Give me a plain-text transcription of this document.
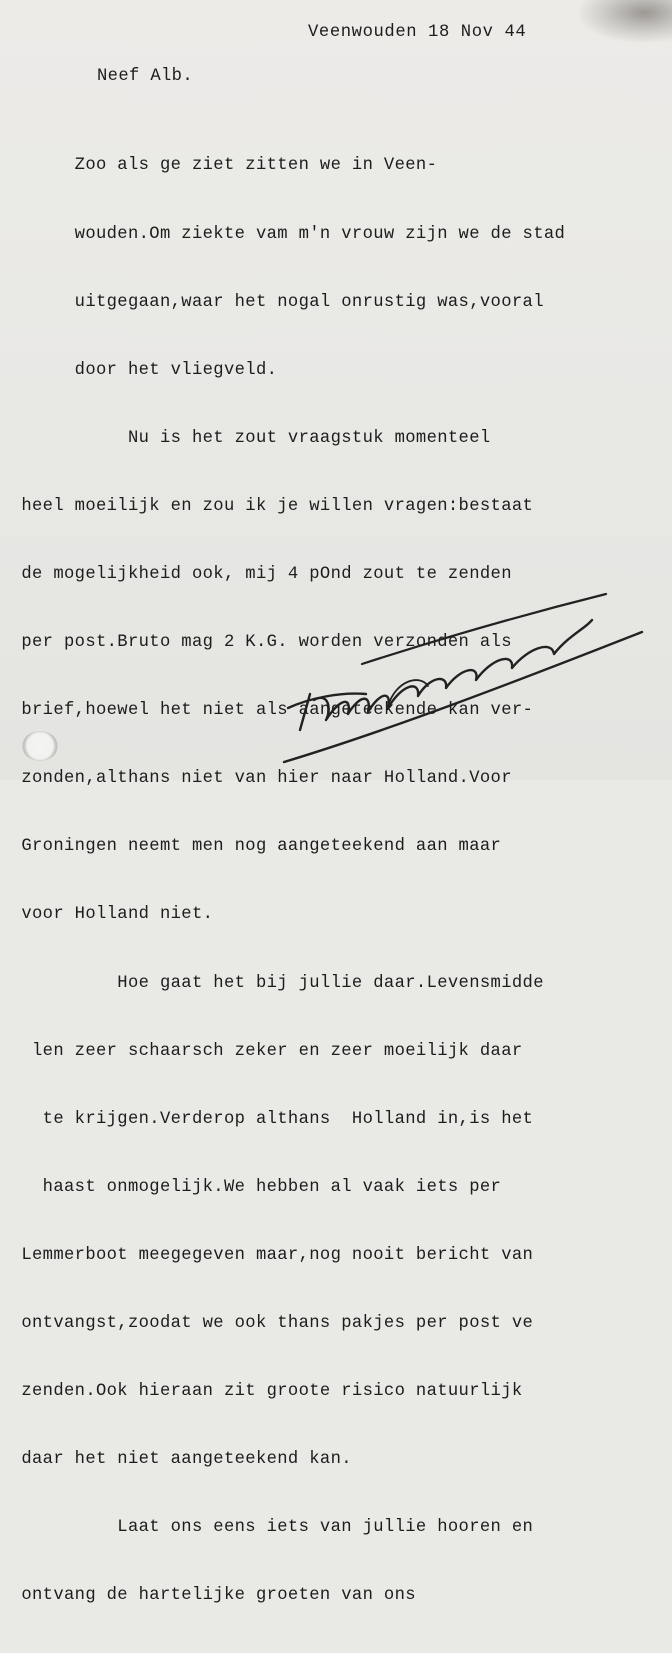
Veenwouden 18 Nov 44
Neef Alb.

Zoo als ge ziet zitten we in Veen-

wouden.Om ziekte vam m'n vrouw zijn we de stad

uitgegaan,waar het nogal onrustig was,vooral

door het vliegveld.

Nu is het zout vraagstuk momenteel

heel moeilijk en zou ik je willen vragen:bestaat

de mogelijkheid ook, mij 4 pOnd zout te zenden

per post.Bruto mag 2 K.G. worden verzonden als

brief,hoewel het niet als aangeteekende kan ver-

zonden,althans niet van hier naar Holland.Voor

Groningen neemt men nog aangeteekend aan maar

voor Holland niet.

Hoe gaat het bij jullie daar.Levensmidde

len zeer schaarsch zeker en zeer moeilijk daar

te krijgen.Verderop althans  Holland in,is het

haast onmogelijk.We hebben al vaak iets per

Lemmerboot meegegeven maar,nog nooit bericht van

ontvangst,zoodat we ook thans pakjes per post ve

zenden.Ook hieraan zit groote risico natuurlijk

daar het niet aangeteekend kan.

Laat ons eens iets van jullie hooren en

ontvang de hartelijke groeten van ons
